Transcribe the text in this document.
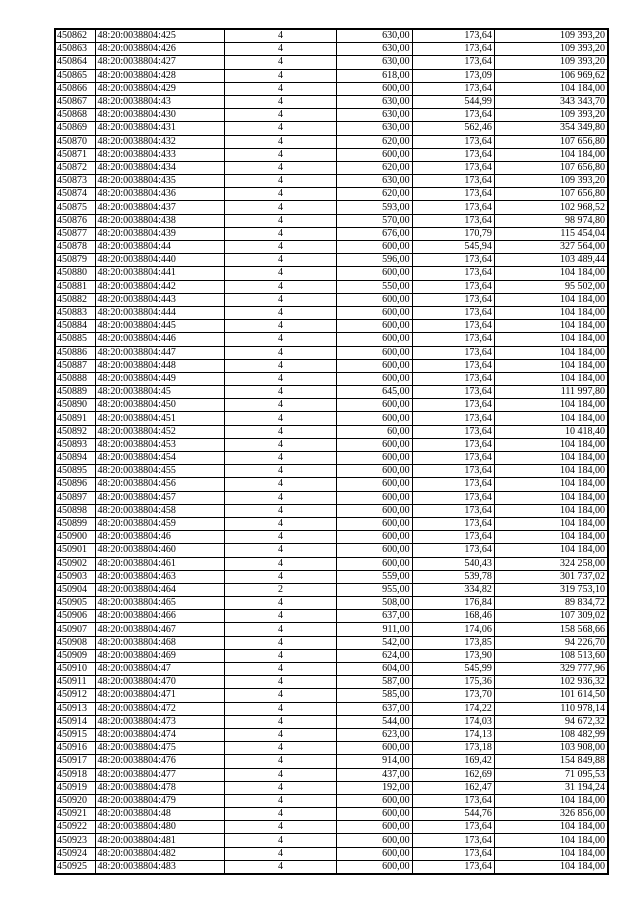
450862	48:20:0038804:425	4	630,00	173,64	109 393,20
450863	48:20:0038804:426	4	630,00	173,64	109 393,20
450864	48:20:0038804:427	4	630,00	173,64	109 393,20
450865	48:20:0038804:428	4	618,00	173,09	106 969,62
450866	48:20:0038804:429	4	600,00	173,64	104 184,00
450867	48:20:0038804:43	4	630,00	544,99	343 343,70
450868	48:20:0038804:430	4	630,00	173,64	109 393,20
450869	48:20:0038804:431	4	630,00	562,46	354 349,80
450870	48:20:0038804:432	4	620,00	173,64	107 656,80
450871	48:20:0038804:433	4	600,00	173,64	104 184,00
450872	48:20:0038804:434	4	620,00	173,64	107 656,80
450873	48:20:0038804:435	4	630,00	173,64	109 393,20
450874	48:20:0038804:436	4	620,00	173,64	107 656,80
450875	48:20:0038804:437	4	593,00	173,64	102 968,52
450876	48:20:0038804:438	4	570,00	173,64	98 974,80
450877	48:20:0038804:439	4	676,00	170,79	115 454,04
450878	48:20:0038804:44	4	600,00	545,94	327 564,00
450879	48:20:0038804:440	4	596,00	173,64	103 489,44
450880	48:20:0038804:441	4	600,00	173,64	104 184,00
450881	48:20:0038804:442	4	550,00	173,64	95 502,00
450882	48:20:0038804:443	4	600,00	173,64	104 184,00
450883	48:20:0038804:444	4	600,00	173,64	104 184,00
450884	48:20:0038804:445	4	600,00	173,64	104 184,00
450885	48:20:0038804:446	4	600,00	173,64	104 184,00
450886	48:20:0038804:447	4	600,00	173,64	104 184,00
450887	48:20:0038804:448	4	600,00	173,64	104 184,00
450888	48:20:0038804:449	4	600,00	173,64	104 184,00
450889	48:20:0038804:45	4	645,00	173,64	111 997,80
450890	48:20:0038804:450	4	600,00	173,64	104 184,00
450891	48:20:0038804:451	4	600,00	173,64	104 184,00
450892	48:20:0038804:452	4	60,00	173,64	10 418,40
450893	48:20:0038804:453	4	600,00	173,64	104 184,00
450894	48:20:0038804:454	4	600,00	173,64	104 184,00
450895	48:20:0038804:455	4	600,00	173,64	104 184,00
450896	48:20:0038804:456	4	600,00	173,64	104 184,00
450897	48:20:0038804:457	4	600,00	173,64	104 184,00
450898	48:20:0038804:458	4	600,00	173,64	104 184,00
450899	48:20:0038804:459	4	600,00	173,64	104 184,00
450900	48:20:0038804:46	4	600,00	173,64	104 184,00
450901	48:20:0038804:460	4	600,00	173,64	104 184,00
450902	48:20:0038804:461	4	600,00	540,43	324 258,00
450903	48:20:0038804:463	4	559,00	539,78	301 737,02
450904	48:20:0038804:464	2	955,00	334,82	319 753,10
450905	48:20:0038804:465	4	508,00	176,84	89 834,72
450906	48:20:0038804:466	4	637,00	168,46	107 309,02
450907	48:20:0038804:467	4	911,00	174,06	158 568,66
450908	48:20:0038804:468	4	542,00	173,85	94 226,70
450909	48:20:0038804:469	4	624,00	173,90	108 513,60
450910	48:20:0038804:47	4	604,00	545,99	329 777,96
450911	48:20:0038804:470	4	587,00	175,36	102 936,32
450912	48:20:0038804:471	4	585,00	173,70	101 614,50
450913	48:20:0038804:472	4	637,00	174,22	110 978,14
450914	48:20:0038804:473	4	544,00	174,03	94 672,32
450915	48:20:0038804:474	4	623,00	174,13	108 482,99
450916	48:20:0038804:475	4	600,00	173,18	103 908,00
450917	48:20:0038804:476	4	914,00	169,42	154 849,88
450918	48:20:0038804:477	4	437,00	162,69	71 095,53
450919	48:20:0038804:478	4	192,00	162,47	31 194,24
450920	48:20:0038804:479	4	600,00	173,64	104 184,00
450921	48:20:0038804:48	4	600,00	544,76	326 856,00
450922	48:20:0038804:480	4	600,00	173,64	104 184,00
450923	48:20:0038804:481	4	600,00	173,64	104 184,00
450924	48:20:0038804:482	4	600,00	173,64	104 184,00
450925	48:20:0038804:483	4	600,00	173,64	104 184,00
